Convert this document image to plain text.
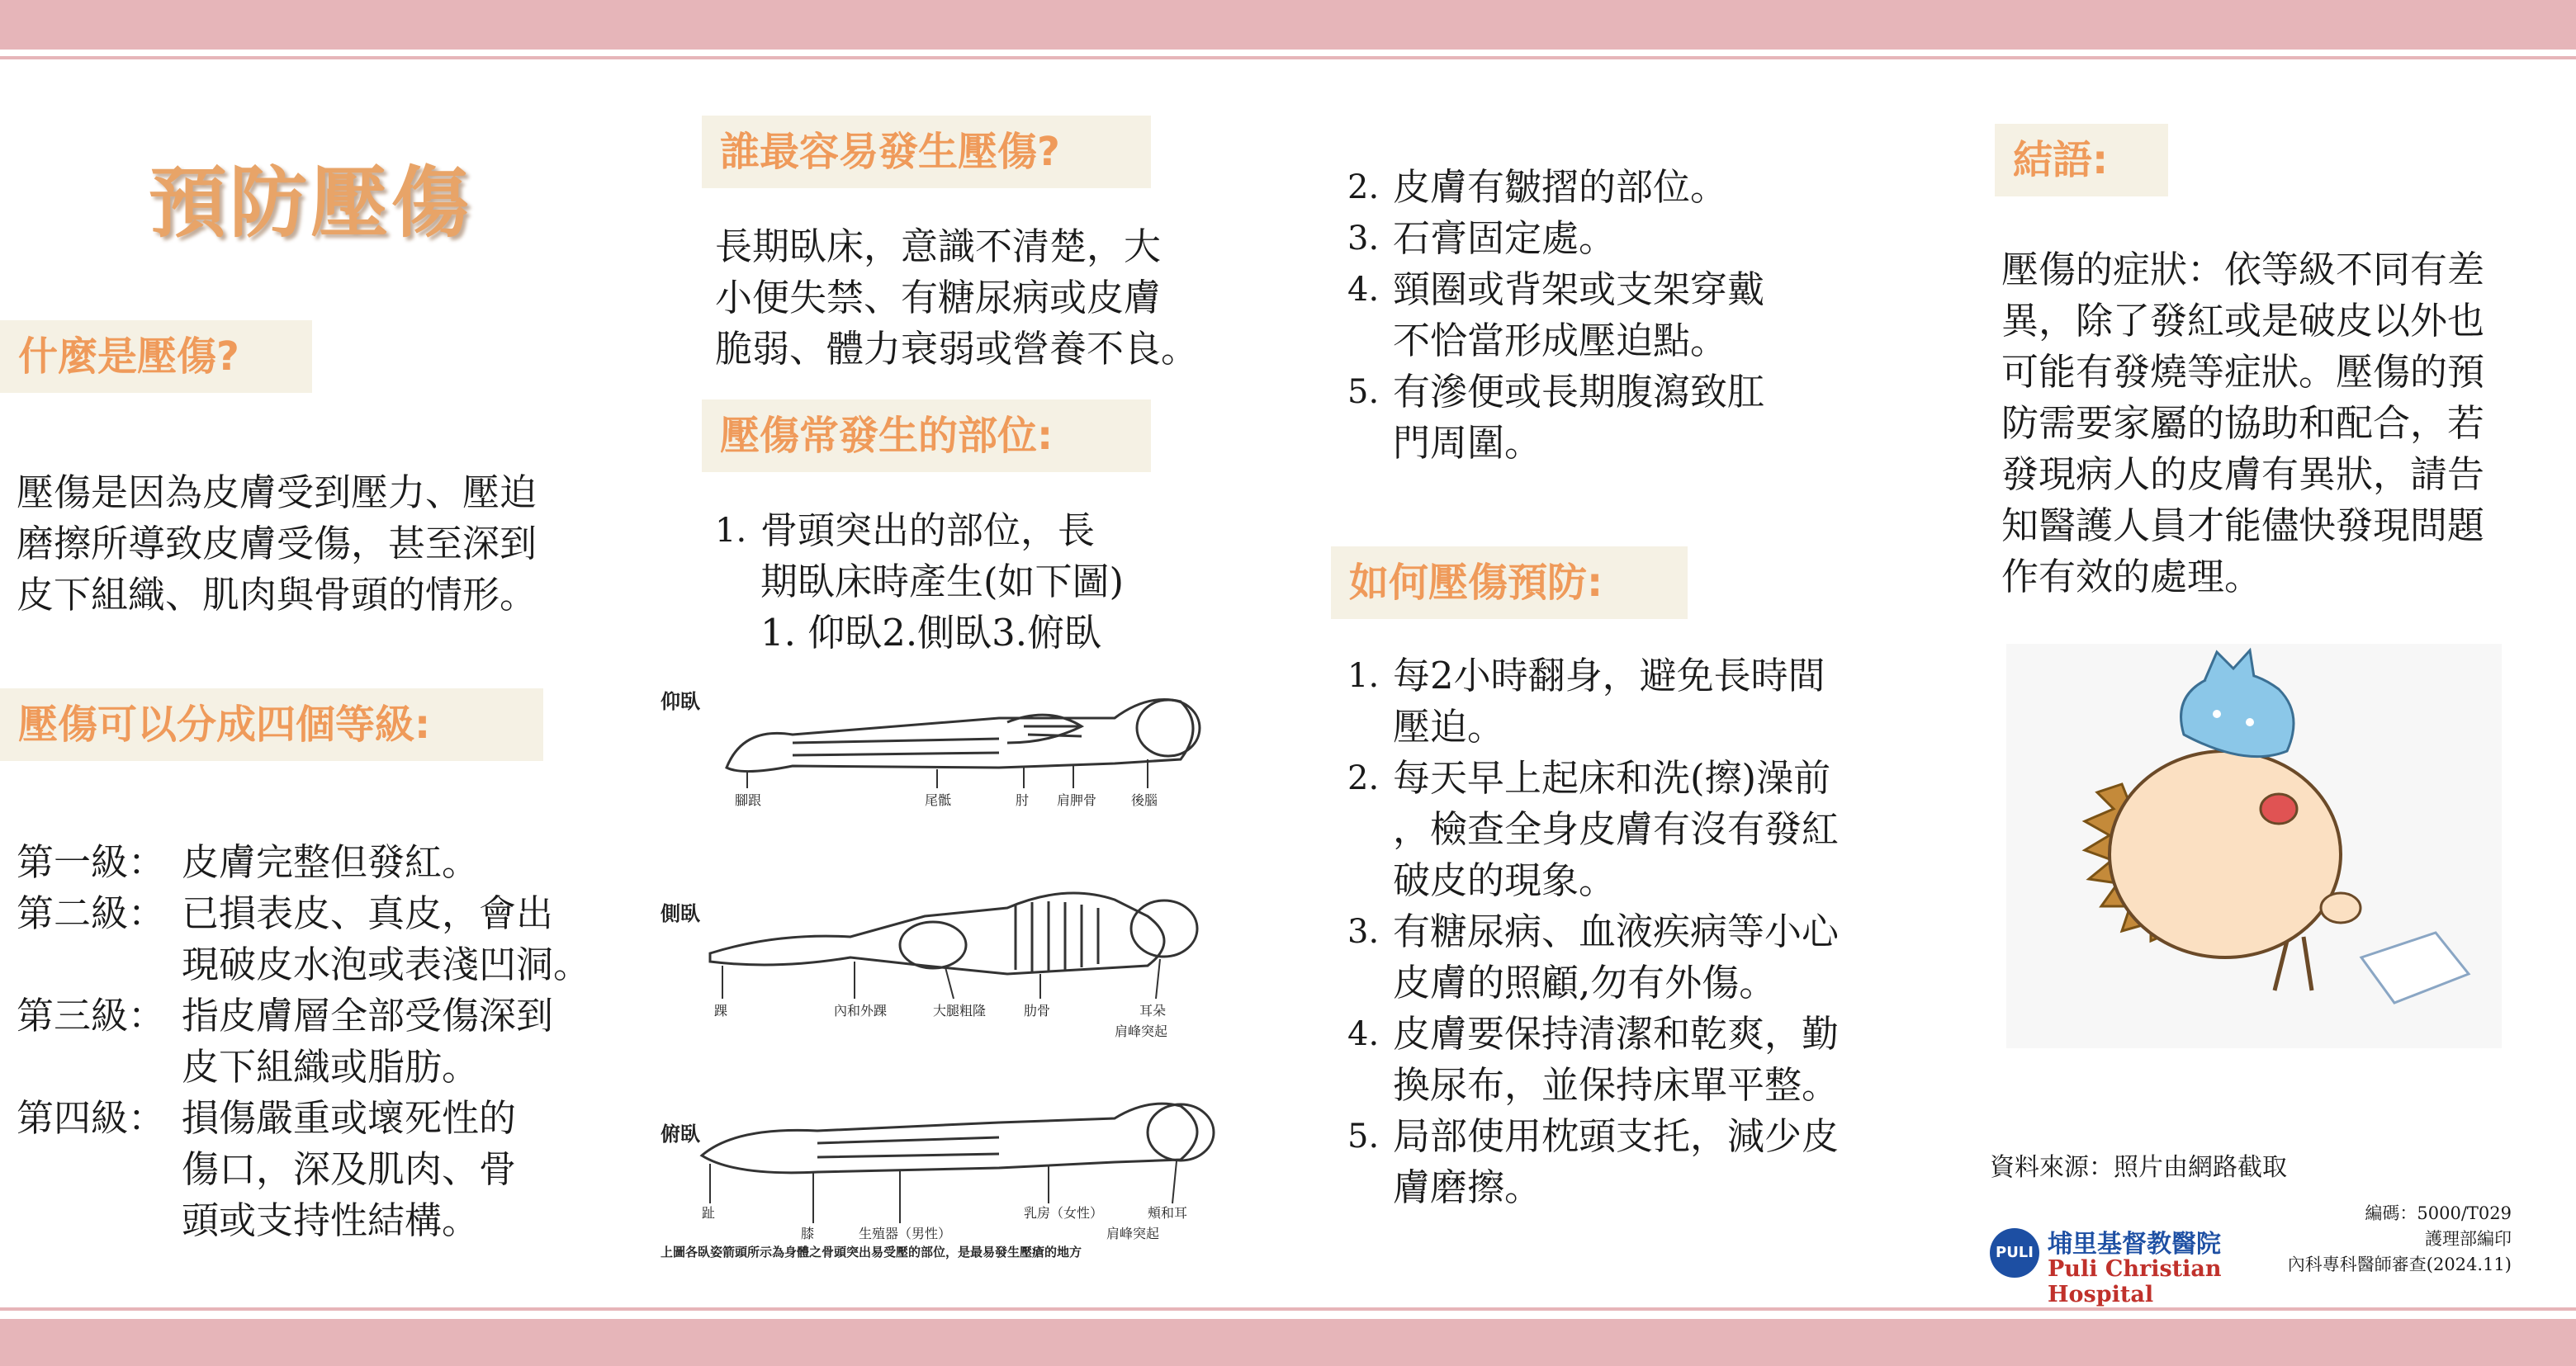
預防壓傷
什麼是壓傷?
壓傷是因為皮膚受到壓力、壓迫
磨擦所導致皮膚受傷，甚至深到
皮下組織、肌肉與骨頭的情形。
壓傷可以分成四個等級:
第一級： 皮膚完整但發紅。
第二級： 已損表皮、真皮，會出
現破皮水泡或表淺凹洞。
第三級： 指皮膚層全部受傷深到
皮下組織或脂肪。
第四級： 損傷嚴重或壞死性的
傷口，深及肌肉、骨
頭或支持性結構。
誰最容易發生壓傷?
長期臥床，意識不清楚，大
小便失禁、有糖尿病或皮膚
脆弱、體力衰弱或營養不良。
壓傷常發生的部位:
1. 骨頭突出的部位，長
期臥床時產生(如下圖)
1. 仰臥2.側臥3.俯臥
仰臥
腳跟	尾骶	肘 肩胛骨	後腦
側臥
踝	內和外踝	大腿粗隆	肋骨	耳朵
肩峰突起
俯臥
趾
膝	生殖器（男性）
乳房（女性）	頰和耳
肩峰突起
上圖各臥姿箭頭所示為身體之骨頭突出易受壓的部位，是最易發生壓瘡的地方
2. 皮膚有皺摺的部位。
3. 石膏固定處。
4. 頸圈或背架或支架穿戴
不恰當形成壓迫點。
5. 有滲便或長期腹瀉致肛
門周圍。
如何壓傷預防:
1. 每2小時翻身，避免長時間
壓迫。
2. 每天早上起床和洗(擦)澡前
，檢查全身皮膚有沒有發紅
破皮的現象。
3. 有糖尿病、血液疾病等小心
皮膚的照顧,勿有外傷。
4. 皮膚要保持清潔和乾爽，勤
換尿布，並保持床單平整。
5. 局部使用枕頭支托，減少皮
膚磨擦。
結語:
壓傷的症狀：依等級不同有差
異，除了發紅或是破皮以外也
可能有發燒等症狀。壓傷的預
防需要家屬的協助和配合，若
發現病人的皮膚有異狀，請告
知醫護人員才能儘快發現問題
作有效的處理。
資料來源：照片由網路截取
PULI 埔里基督教醫院
Puli Christian Hospital
編碼：5000/T029
護理部編印
內科專科醫師審查(2024.11)
